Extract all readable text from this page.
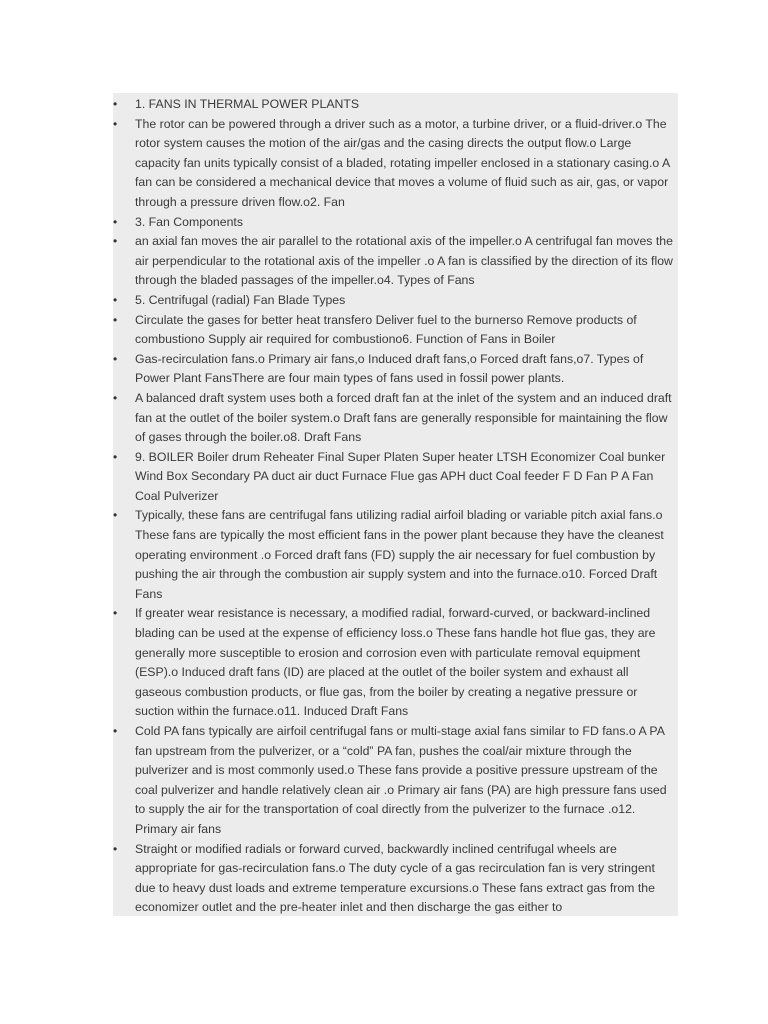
•	1. FANS IN THERMAL POWER PLANTS
•	The rotor can be powered through a driver such as a motor, a turbine driver, or a fluid-driver.o The rotor system causes the motion of the air/gas and the casing directs the output flow.o Large capacity fan units typically consist of a bladed, rotating impeller enclosed in a stationary casing.o A fan can be considered a mechanical device that moves a volume of fluid such as air, gas, or vapor through a pressure driven flow.o2. Fan
•	3. Fan Components
•	an axial fan moves the air parallel to the rotational axis of the impeller.o A centrifugal fan moves the air perpendicular to the rotational axis of the impeller .o A fan is classified by the direction of its flow through the bladed passages of the impeller.o4. Types of Fans
•	5. Centrifugal (radial) Fan Blade Types
•	Circulate the gases for better heat transfero Deliver fuel to the burnerso Remove products of combustiono Supply air required for combustiono6. Function of Fans in Boiler
•	Gas-recirculation fans.o Primary air fans,o Induced draft fans,o Forced draft fans,o7. Types of Power Plant FansThere are four main types of fans used in fossil power plants.
•	A balanced draft system uses both a forced draft fan at the inlet of the system and an induced draft fan at the outlet of the boiler system.o Draft fans are generally responsible for maintaining the flow of gases through the boiler.o8. Draft Fans
•	9. BOILER Boiler drum Reheater Final Super Platen Super heater LTSH Economizer Coal bunker Wind Box Secondary PA duct air duct Furnace Flue gas APH duct Coal feeder F D Fan P A Fan Coal Pulverizer
•	Typically, these fans are centrifugal fans utilizing radial airfoil blading or variable pitch axial fans.o These fans are typically the most efficient fans in the power plant because they have the cleanest operating environment .o Forced draft fans (FD) supply the air necessary for fuel combustion by pushing the air through the combustion air supply system and into the furnace.o10. Forced Draft Fans
•	If greater wear resistance is necessary, a modified radial, forward-curved, or backward-inclined blading can be used at the expense of efficiency loss.o These fans handle hot flue gas, they are generally more susceptible to erosion and corrosion even with particulate removal equipment (ESP).o Induced draft fans (ID) are placed at the outlet of the boiler system and exhaust all gaseous combustion products, or flue gas, from the boiler by creating a negative pressure or suction within the furnace.o11. Induced Draft Fans
•	Cold PA fans typically are airfoil centrifugal fans or multi-stage axial fans similar to FD fans.o A PA fan upstream from the pulverizer, or a “cold” PA fan, pushes the coal/air mixture through the pulverizer and is most commonly used.o These fans provide a positive pressure upstream of the coal pulverizer and handle relatively clean air .o Primary air fans (PA) are high pressure fans used to supply the air for the transportation of coal directly from the pulverizer to the furnace .o12. Primary air fans
•	Straight or modified radials or forward curved, backwardly inclined centrifugal wheels are appropriate for gas-recirculation fans.o The duty cycle of a gas recirculation fan is very stringent due to heavy dust loads and extreme temperature excursions.o These fans extract gas from the economizer outlet and the pre-heater inlet and then discharge the gas either to
